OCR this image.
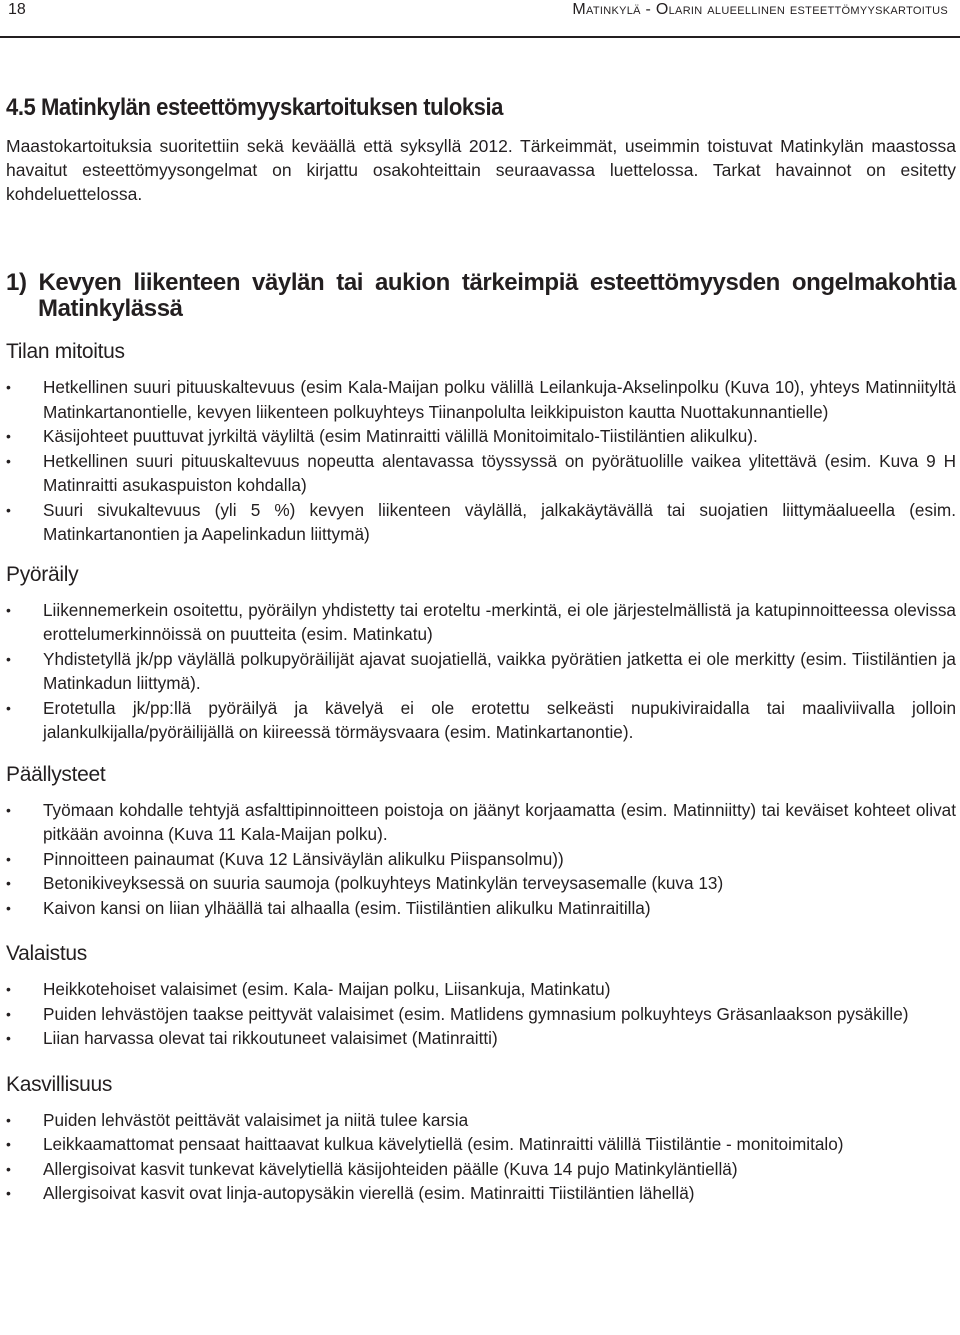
18	Matinkylä - Olarin alueellinen esteettömyyskartoitus
4.5 Matinkylän esteettömyyskartoituksen tuloksia

Maastokartoituksia suoritettiin sekä keväällä että syksyllä 2012. Tärkeimmät, useimmin toistuvat Matinkylän maastossa havaitut esteettömyysongelmat on kirjattu osakohteittain seuraavassa luettelossa. Tarkat havainnot on esitetty kohdeluettelossa.

1) Kevyen liikenteen väylän tai aukion tärkeimpiä esteettömyysden ongelmakohtia
Matinkylässä
Tilan mitoitus
• Hetkellinen suuri pituuskaltevuus (esim Kala-Maijan polku välillä Leilankuja-Akselinpolku (Kuva 10), yhteys Matinniityltä Matinkartanontielle, kevyen liikenteen polkuyhteys Tiinanpolulta leikkipuiston kautta Nuottakunnantielle)
• Käsijohteet puuttuvat jyrkiltä väyliltä (esim Matinraitti välillä Monitoimitalo-Tiistiläntien alikulku).
• Hetkellinen suuri pituuskaltevuus nopeutta alentavassa töyssyssä on pyörätuolille vaikea ylitettävä (esim. Kuva 9 H Matinraitti asukaspuiston kohdalla)
• Suuri sivukaltevuus (yli 5 %) kevyen liikenteen väylällä, jalkakäytävällä tai suojatien liittymäalueella (esim. Matinkartanontien ja Aapelinkadun liittymä)
Pyöräily
• Liikennemerkein osoitettu, pyöräilyn yhdistetty tai eroteltu -merkintä, ei ole järjestelmällistä ja katupinnoitteessa olevissa erottelumerkinnöissä on puutteita (esim. Matinkatu)
• Yhdistetyllä jk/pp väylällä polkupyöräilijät ajavat suojatiellä, vaikka pyörätien jatketta ei ole merkitty (esim. Tiistiläntien ja Matinkadun liittymä).
• Erotetulla jk/pp:llä pyöräilyä ja kävelyä ei ole erotettu selkeästi nupukiviraidalla tai maaliviivalla jolloin jalankulkijalla/pyöräilijällä on kiireessä törmäysvaara (esim. Matinkartanontie).
Päällysteet
• Työmaan kohdalle tehtyjä asfalttipinnoitteen poistoja on jäänyt korjaamatta (esim. Matinniitty) tai keväiset kohteet olivat pitkään avoinna (Kuva 11 Kala-Maijan polku).
• Pinnoitteen painaumat (Kuva 12 Länsiväylän alikulku Piispansolmu))
• Betonikiveyksessä on suuria saumoja (polkuyhteys Matinkylän terveysasemalle (kuva 13)
• Kaivon kansi on liian ylhäällä tai alhaalla (esim. Tiistiläntien alikulku Matinraitilla)
Valaistus
• Heikkotehoiset valaisimet (esim. Kala- Maijan polku, Liisankuja, Matinkatu)
• Puiden lehvästöjen taakse peittyvät valaisimet (esim. Matlidens gymnasium polkuyhteys Gräsanlaakson pysäkille)
• Liian harvassa olevat tai rikkoutuneet valaisimet (Matinraitti)
Kasvillisuus
• Puiden lehvästöt peittävät valaisimet ja niitä tulee karsia
• Leikkaamattomat pensaat haittaavat kulkua kävelytiellä (esim. Matinraitti välillä Tiistiläntie - monitoimitalo)
• Allergisoivat kasvit tunkevat kävelytiellä käsijohteiden päälle (Kuva 14 pujo Matinkyläntiellä)
• Allergisoivat kasvit ovat linja-autopysäkin vierellä (esim. Matinraitti Tiistiläntien lähellä)
